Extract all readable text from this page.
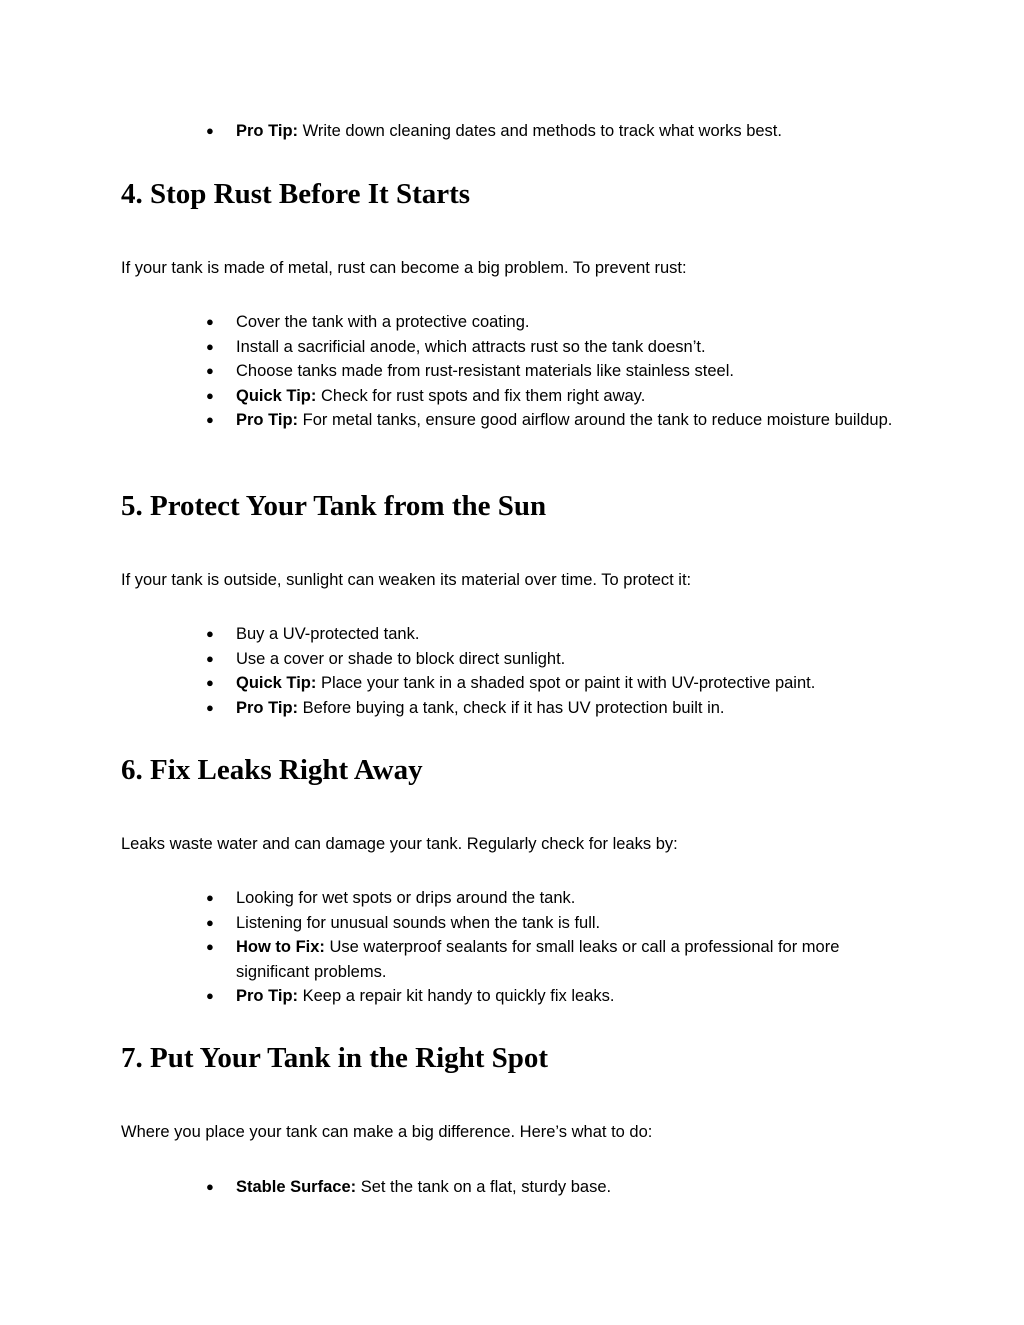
● Pro Tip: Write down cleaning dates and methods to track what works best.
4. Stop Rust Before It Starts

If your tank is made of metal, rust can become a big problem. To prevent rust:

● Cover the tank with a protective coating.
● Install a sacrificial anode, which attracts rust so the tank doesn’t.
● Choose tanks made from rust-resistant materials like stainless steel.
● Quick Tip: Check for rust spots and fix them right away.
● Pro Tip: For metal tanks, ensure good airflow around the tank to reduce moisture buildup.
5. Protect Your Tank from the Sun

If your tank is outside, sunlight can weaken its material over time. To protect it:

● Buy a UV-protected tank.
● Use a cover or shade to block direct sunlight.
● Quick Tip: Place your tank in a shaded spot or paint it with UV-protective paint.
● Pro Tip: Before buying a tank, check if it has UV protection built in.
6. Fix Leaks Right Away

Leaks waste water and can damage your tank. Regularly check for leaks by:

● Looking for wet spots or drips around the tank.
● Listening for unusual sounds when the tank is full.
● How to Fix: Use waterproof sealants for small leaks or call a professional for more significant problems.
● Pro Tip: Keep a repair kit handy to quickly fix leaks.
7. Put Your Tank in the Right Spot

Where you place your tank can make a big difference. Here’s what to do:

● Stable Surface: Set the tank on a flat, sturdy base.
